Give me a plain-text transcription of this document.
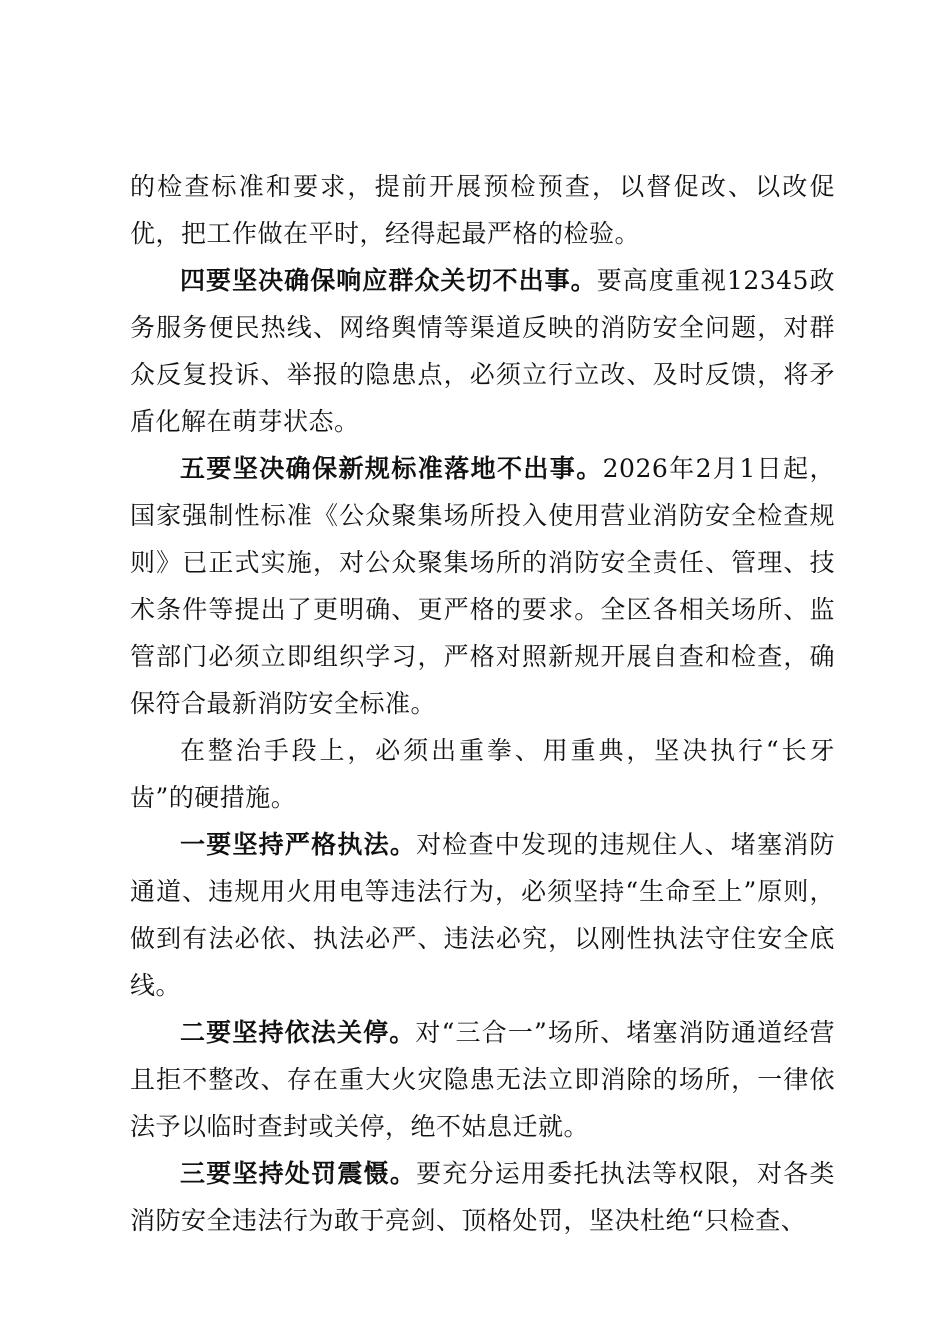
的检查标准和要求，提前开展预检预查，以督促改、以改促优，把工作做在平时，经得起最严格的检验。

四要坚决确保响应群众关切不出事。要高度重视12345政务服务便民热线、网络舆情等渠道反映的消防安全问题，对群众反复投诉、举报的隐患点，必须立行立改、及时反馈，将矛盾化解在萌芽状态。

五要坚决确保新规标准落地不出事。2026年2月1日起，国家强制性标准《公众聚集场所投入使用营业消防安全检查规则》已正式实施，对公众聚集场所的消防安全责任、管理、技术条件等提出了更明确、更严格的要求。全区各相关场所、监管部门必须立即组织学习，严格对照新规开展自查和检查，确保符合最新消防安全标准。

在整治手段上，必须出重拳、用重典，坚决执行“长牙齿”的硬措施。

一要坚持严格执法。对检查中发现的违规住人、堵塞消防通道、违规用火用电等违法行为，必须坚持“生命至上”原则，做到有法必依、执法必严、违法必究，以刚性执法守住安全底线。

二要坚持依法关停。对“三合一”场所、堵塞消防通道经营且拒不整改、存在重大火灾隐患无法立即消除的场所，一律依法予以临时查封或关停，绝不姑息迁就。

三要坚持处罚震慑。要充分运用委托执法等权限，对各类消防安全违法行为敢于亮剑、顶格处罚，坚决杜绝“只检查、
